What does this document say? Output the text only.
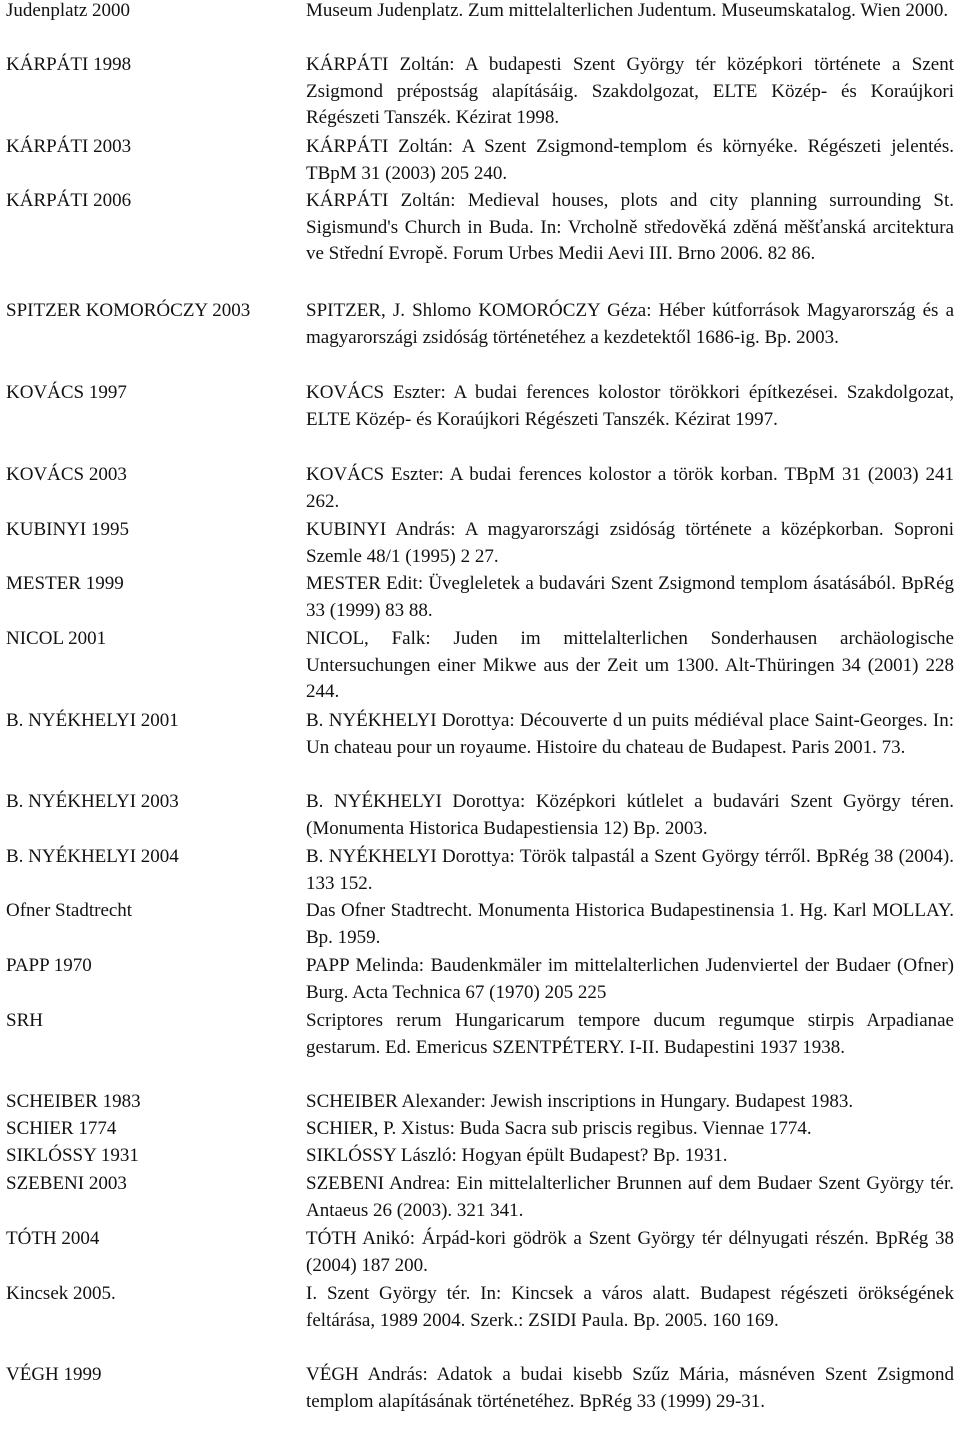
Judenplatz 2000	Museum Judenplatz. Zum mittelalterlichen Judentum. Museumskatalog. Wien 2000.
KÁRPÁTI 1998	KÁRPÁTI Zoltán: A budapesti Szent György tér középkori története a Szent Zsigmond prépostság alapításáig. Szakdolgozat, ELTE Közép- és Koraújkori Régészeti Tanszék. Kézirat 1998.
KÁRPÁTI 2003	KÁRPÁTI Zoltán: A Szent Zsigmond-templom és környéke. Régészeti jelentés. TBpM 31 (2003) 205 240.
KÁRPÁTI 2006	KÁRPÁTI Zoltán: Medieval houses, plots and city planning surrounding St. Sigismund's Church in Buda. In: Vrcholně středověká zděná měšťanská arcitektura ve Střední Evropě. Forum Urbes Medii Aevi III. Brno 2006. 82 86.
SPITZER KOMORÓCZY 2003	SPITZER, J. Shlomo KOMORÓCZY Géza: Héber kútforrások Magyarország és a magyarországi zsidóság történetéhez a kezdetektől 1686-ig. Bp. 2003.
KOVÁCS 1997	KOVÁCS Eszter: A budai ferences kolostor törökkori építkezései. Szakdolgozat, ELTE Közép- és Koraújkori Régészeti Tanszék. Kézirat 1997.
KOVÁCS 2003	KOVÁCS Eszter: A budai ferences kolostor a török korban. TBpM 31 (2003) 241 262.
KUBINYI 1995	KUBINYI András: A magyarországi zsidóság története a középkorban. Soproni Szemle 48/1 (1995) 2 27.
MESTER 1999	MESTER Edit: Üvegleletek a budavári Szent Zsigmond templom ásatásából. BpRég 33 (1999) 83 88.
NICOL 2001	NICOL, Falk: Juden im mittelalterlichen Sonderhausen archäologische Untersuchungen einer Mikwe aus der Zeit um 1300. Alt-Thüringen 34 (2001) 228 244.
B. NYÉKHELYI 2001	B. NYÉKHELYI Dorottya: Découverte d un puits médiéval place Saint-Georges. In: Un chateau pour un royaume. Histoire du chateau de Budapest. Paris 2001. 73.
B. NYÉKHELYI 2003	B. NYÉKHELYI Dorottya: Középkori kútlelet a budavári Szent György téren. (Monumenta Historica Budapestiensia 12) Bp. 2003.
B. NYÉKHELYI 2004	B. NYÉKHELYI Dorottya: Török talpastál a Szent György térről. BpRég 38 (2004). 133 152.
Ofner Stadtrecht	Das Ofner Stadtrecht. Monumenta Historica Budapestinensia 1. Hg. Karl MOLLAY. Bp. 1959.
PAPP 1970	PAPP Melinda: Baudenkmäler im mittelalterlichen Judenviertel der Budaer (Ofner) Burg. Acta Technica 67 (1970) 205 225
SRH	Scriptores rerum Hungaricarum tempore ducum regumque stirpis Arpadianae gestarum. Ed. Emericus SZENTPÉTERY. I-II. Budapestini 1937 1938.
SCHEIBER 1983	SCHEIBER Alexander: Jewish inscriptions in Hungary. Budapest 1983.
SCHIER 1774	SCHIER, P. Xistus: Buda Sacra sub priscis regibus. Viennae 1774.
SIKLÓSSY 1931	SIKLÓSSY László: Hogyan épült Budapest? Bp. 1931.
SZEBENI 2003	SZEBENI Andrea: Ein mittelalterlicher Brunnen auf dem Budaer Szent György tér. Antaeus 26 (2003). 321 341.
TÓTH 2004	TÓTH Anikó: Árpád-kori gödrök a Szent György tér délnyugati részén. BpRég 38 (2004) 187 200.
Kincsek 2005.	I. Szent György tér. In: Kincsek a város alatt. Budapest régészeti örökségének feltárása, 1989 2004. Szerk.: ZSIDI Paula. Bp. 2005. 160 169.
VÉGH 1999	VÉGH András: Adatok a budai kisebb Szűz Mária, másnéven Szent Zsigmond templom alapításának történetéhez. BpRég 33 (1999) 29-31.
